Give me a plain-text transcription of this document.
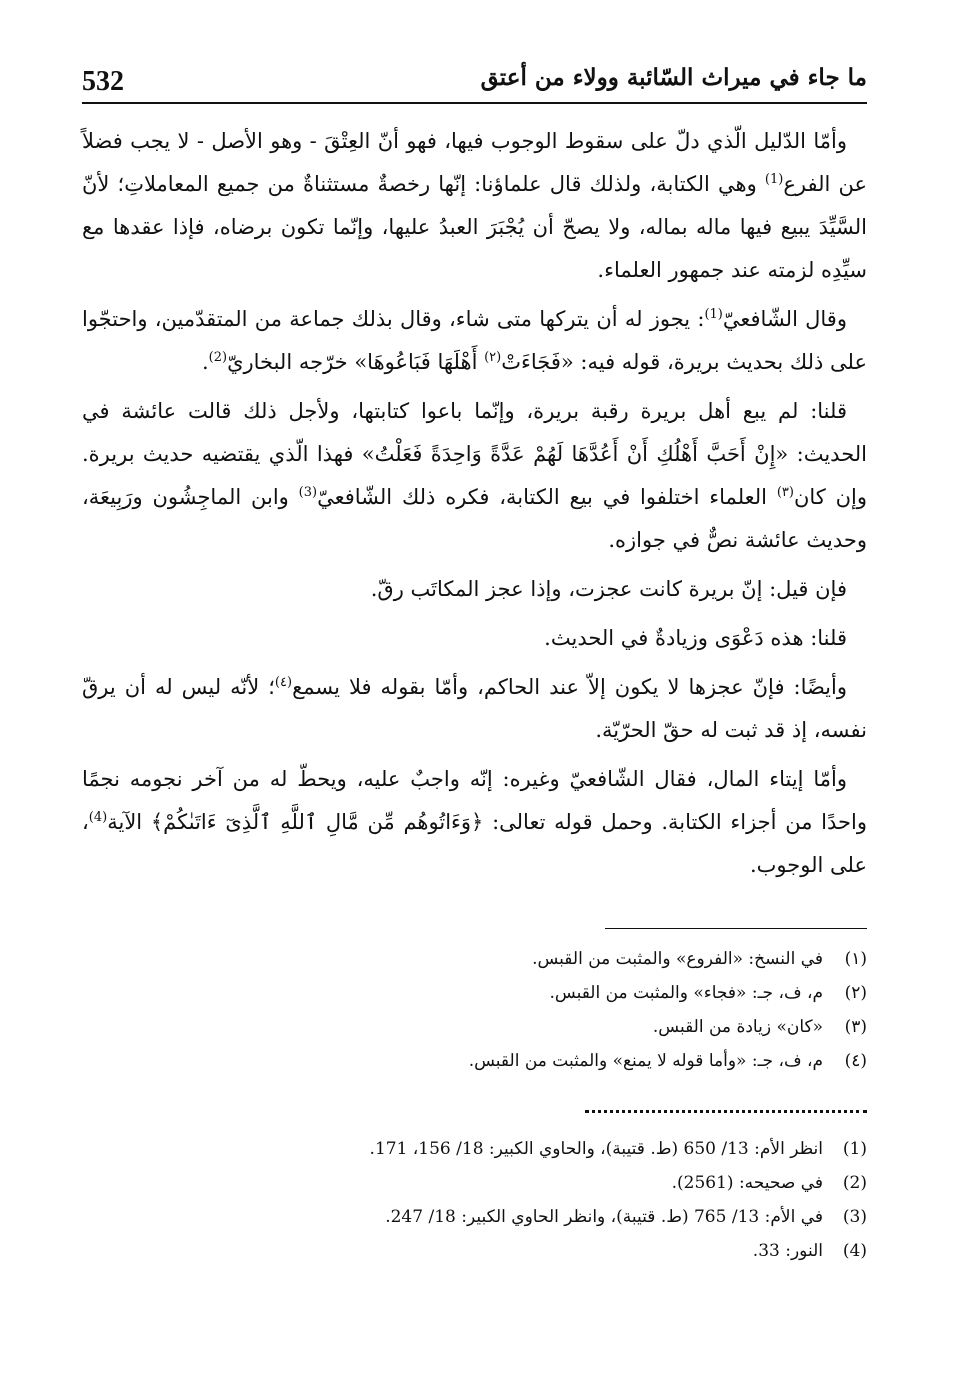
532	ما جاء في ميراث السّائبة وولاء من أعتق

وأمّا الدّليل الّذي دلّ على سقوط الوجوب فيها، فهو أنّ العِتْقَ - وهو الأصل - لا يجب فضلاً عن الفرع$^{(1)}$ وهي الكتابة، ولذلك قال علماؤنا: إنّها رخصةٌ مستثناةٌ من جميع المعاملاتِ؛ لأنّ السَّيِّدَ يبيع فيها ماله بماله، ولا يصحّ أن يُجْبَرَ العبدُ عليها، وإنّما تكون برضاه، فإذا عقدها مع سيِّدِه لزمته عند جمهور العلماء.

وقال الشّافعيّ$^{(1)}$: يجوز له أن يتركها متى شاء، وقال بذلك جماعة من المتقدّمين، واحتجّوا على ذلك بحديث بريرة، قوله فيه: «فَجَاءَتْ$^{(٢)}$ أَهْلَهَا فَبَاعُوهَا» خرّجه البخاريّ$^{(2)}$.

قلنا: لم يبع أهل بريرة رقبة بريرة، وإنّما باعوا كتابتها، ولأجل ذلك قالت عائشة في الحديث: «إِنْ أَحَبَّ أَهْلُكِ أَنْ أَعُدَّهَا لَهُمْ عَدَّةً وَاحِدَةً فَعَلْتُ» فهذا الّذي يقتضيه حديث بريرة. وإن كان$^{(٣)}$ العلماء اختلفوا في بيع الكتابة، فكره ذلك الشّافعيّ$^{(3)}$ وابن الماجِشُون ورَبِيعَة، وحديث عائشة نصٌّ في جوازه.

فإن قيل: إنّ بريرة كانت عجزت، وإذا عجز المكاتَب رقّ.

قلنا: هذه دَعْوَى وزيادةٌ في الحديث.

وأيضًا: فإنّ عجزها لا يكون إلاّ عند الحاكم، وأمّا بقوله فلا يسمع$^{(٤)}$؛ لأنّه ليس له أن يرقّ نفسه، إذ قد ثبت له حقّ الحرّيّة.

وأمّا إيتاء المال، فقال الشّافعيّ وغيره: إنّه واجبٌ عليه، ويحطّ له من آخر نجومه نجمًا واحدًا من أجزاء الكتابة. وحمل قوله تعالى: ﴿وَءَاتُوهُم مِّن مَّالِ ٱللَّهِ ٱلَّذِىٓ ءَاتَىٰكُمْ﴾ الآية$^{(4)}$، على الوجوب.

(١)في النسخ: «الفروع» والمثبت من القبس.
(٢)م، ف، جـ: «فجاء» والمثبت من القبس.
(٣)«كان» زيادة من القبس.
(٤)م، ف، جـ: «وأما قوله لا يمنع» والمثبت من القبس.
(1)انظر الأم: 13/ 650 (ط. قتيبة)، والحاوي الكبير: 18/ 156، 171.
(2)في صحيحه: (2561).
(3)في الأم: 13/ 765 (ط. قتيبة)، وانظر الحاوي الكبير: 18/ 247.
(4)النور: 33.
